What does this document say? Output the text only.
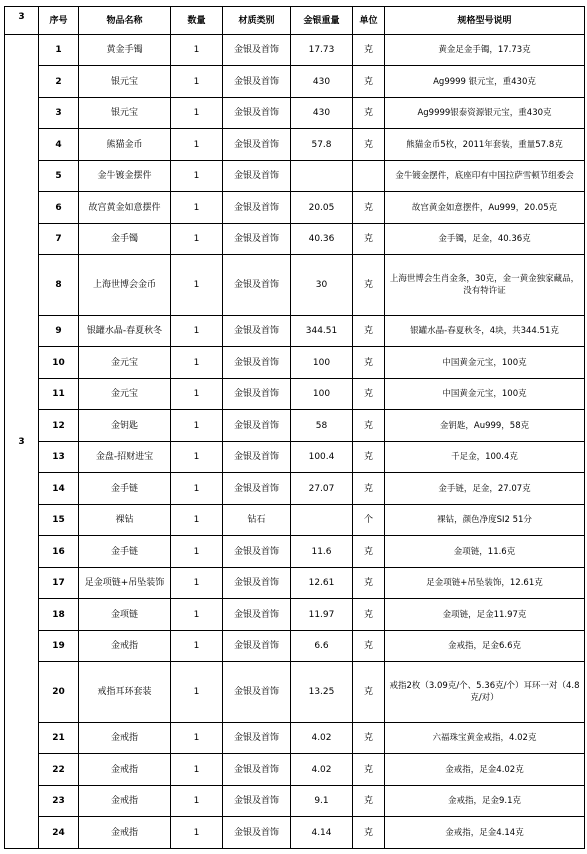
3	序号	物品名称	数量	材质类别	金银重量	单位	规格型号说明
3	1	黄金手镯	1	金银及首饰	17.73	克	黄金足金手镯，17.73克
	2	银元宝	1	金银及首饰	430	克	Ag9999 银元宝，重430克
	3	银元宝	1	金银及首饰	430	克	Ag9999银泰资源银元宝，重430克
	4	熊猫金币	1	金银及首饰	57.8	克	熊猫金币5枚，2011年套装，重量57.8克
	5	金牛镀金摆件	1	金银及首饰			金牛镀金摆件，底座印有中国拉萨雪顿节组委会
	6	故宫黄金如意摆件	1	金银及首饰	20.05	克	故宫黄金如意摆件，Au999，20.05克
	7	金手镯	1	金银及首饰	40.36	克	金手镯，足金，40.36克
	8	上海世博会金币	1	金银及首饰	30	克	上海世博会生肖金条，30克，金一黄金独家藏品，没有特许证
	9	银罐水晶-春夏秋冬	1	金银及首饰	344.51	克	银罐水晶-春夏秋冬，4块，共344.51克
	10	金元宝	1	金银及首饰	100	克	中国黄金元宝，100克
	11	金元宝	1	金银及首饰	100	克	中国黄金元宝，100克
	12	金钥匙	1	金银及首饰	58	克	金钥匙，Au999，58克
	13	金盘-招财进宝	1	金银及首饰	100.4	克	千足金，100.4克
	14	金手链	1	金银及首饰	27.07	克	金手链，足金，27.07克
	15	裸钻	1	钻石		个	裸钻，颜色净度SI2 51分
	16	金手链	1	金银及首饰	11.6	克	金项链，11.6克
	17	足金项链+吊坠装饰	1	金银及首饰	12.61	克	足金项链+吊坠装饰，12.61克
	18	金项链	1	金银及首饰	11.97	克	金项链，足金11.97克
	19	金戒指	1	金银及首饰	6.6	克	金戒指，足金6.6克
	20	戒指耳环套装	1	金银及首饰	13.25	克	戒指2枚（3.09克/个、5.36克/个）耳环一对（4.8克/对）
	21	金戒指	1	金银及首饰	4.02	克	六福珠宝黄金戒指，4.02克
	22	金戒指	1	金银及首饰	4.02	克	金戒指，足金4.02克
	23	金戒指	1	金银及首饰	9.1	克	金戒指，足金9.1克
	24	金戒指	1	金银及首饰	4.14	克	金戒指，足金4.14克
